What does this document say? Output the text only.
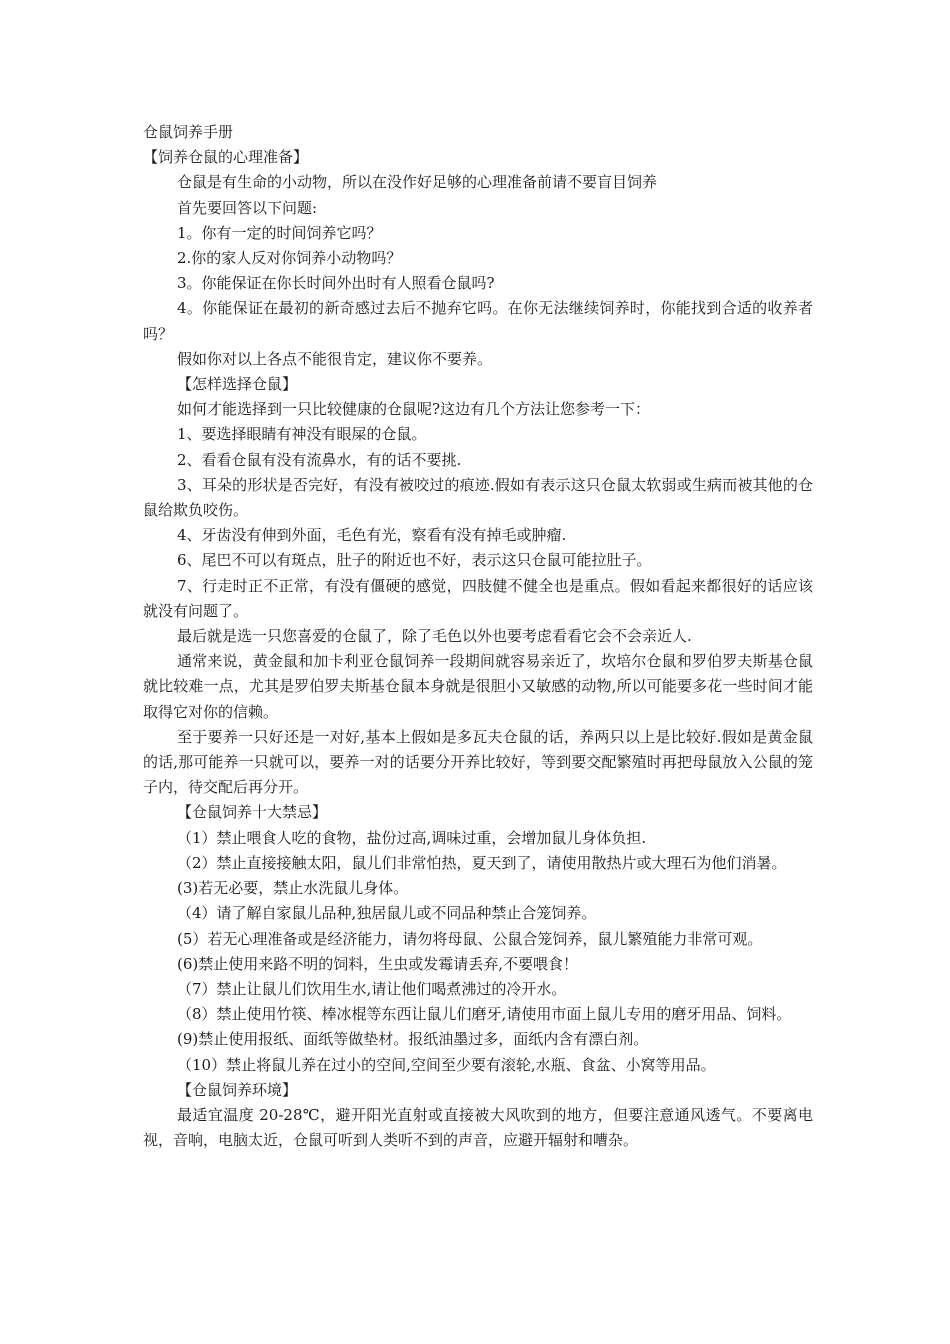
仓鼠饲养手册
【饲养仓鼠的心理准备】
仓鼠是有生命的小动物，所以在没作好足够的心理准备前请不要盲目饲养
首先要回答以下问题:
1。你有一定的时间饲养它吗？
2.你的家人反对你饲养小动物吗？
3。你能保证在你长时间外出时有人照看仓鼠吗?
4。你能保证在最初的新奇感过去后不抛弃它吗。在你无法继续饲养时，你能找到合适的收养者吗？
假如你对以上各点不能很肯定，建议你不要养。
【怎样选择仓鼠】
如何才能选择到一只比较健康的仓鼠呢?这边有几个方法让您参考一下：
1、要选择眼睛有神没有眼屎的仓鼠。
2、看看仓鼠有没有流鼻水，有的话不要挑.
3、耳朵的形状是否完好，有没有被咬过的痕迹.假如有表示这只仓鼠太软弱或生病而被其他的仓鼠给欺负咬伤。
4、牙齿没有伸到外面，毛色有光，察看有没有掉毛或肿瘤.
6、尾巴不可以有斑点，肚子的附近也不好，表示这只仓鼠可能拉肚子。
7、行走时正不正常，有没有僵硬的感觉，四肢健不健全也是重点。假如看起来都很好的话应该就没有问题了。
最后就是选一只您喜爱的仓鼠了，除了毛色以外也要考虑看看它会不会亲近人.
通常来说，黄金鼠和加卡利亚仓鼠饲养一段期间就容易亲近了，坎培尔仓鼠和罗伯罗夫斯基仓鼠就比较难一点，尤其是罗伯罗夫斯基仓鼠本身就是很胆小又敏感的动物,所以可能要多花一些时间才能取得它对你的信赖。
至于要养一只好还是一对好,基本上假如是多瓦夫仓鼠的话，养两只以上是比较好.假如是黄金鼠的话,那可能养一只就可以，要养一对的话要分开养比较好，等到要交配繁殖时再把母鼠放入公鼠的笼子内，待交配后再分开。
【仓鼠饲养十大禁忌】
（1）禁止喂食人吃的食物，盐份过高,调味过重，会增加鼠儿身体负担.
（2）禁止直接接触太阳，鼠儿们非常怕热，夏天到了，请使用散热片或大理石为他们消暑。
(3)若无必要，禁止水洗鼠儿身体。
（4）请了解自家鼠儿品种,独居鼠儿或不同品种禁止合笼饲养。
(5）若无心理准备或是经济能力，请勿将母鼠、公鼠合笼饲养，鼠儿繁殖能力非常可观。
(6)禁止使用来路不明的饲料，生虫或发霉请丢弃,不要喂食！
（7）禁止让鼠儿们饮用生水,请让他们喝煮沸过的冷开水。
（8）禁止使用竹筷、棒冰棍等东西让鼠儿们磨牙,请使用市面上鼠儿专用的磨牙用品、饲料。
(9)禁止使用报纸、面纸等做垫材。报纸油墨过多，面纸内含有漂白剂。
（10）禁止将鼠儿养在过小的空间,空间至少要有滚轮,水瓶、食盆、小窝等用品。
【仓鼠饲养环境】
最适宜温度 20-28℃，避开阳光直射或直接被大风吹到的地方，但要注意通风透气。不要离电视，音响，电脑太近，仓鼠可听到人类听不到的声音，应避开辐射和嘈杂。
